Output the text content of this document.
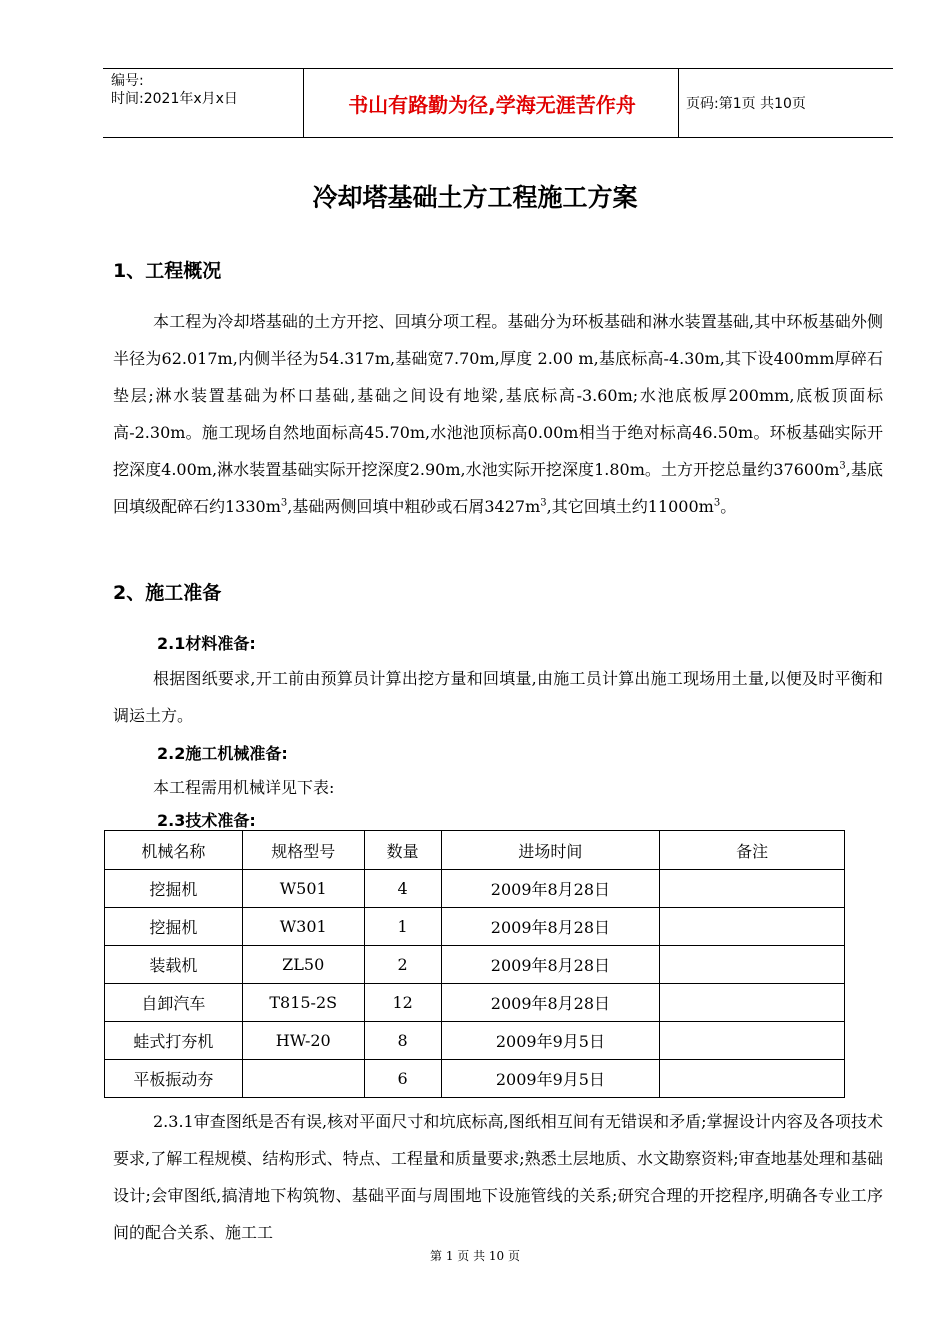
编号:
时间:2021年x月x日	书山有路勤为径,学海无涯苦作舟	页码:第1页 共10页
冷却塔基础土方工程施工方案
1、工程概况
本工程为冷却塔基础的土方开挖、回填分项工程。基础分为环板基础和淋水装置基础,其中环板基础外侧半径为62.017m,内侧半径为54.317m,基础宽7.70m,厚度 2.00 m,基底标高-4.30m,其下设400mm厚碎石垫层;淋水装置基础为杯口基础,基础之间设有地梁,基底标高-3.60m;水池底板厚200mm,底板顶面标高-2.30m。施工现场自然地面标高45.70m,水池池顶标高0.00m相当于绝对标高46.50m。环板基础实际开挖深度4.00m,淋水装置基础实际开挖深度2.90m,水池实际开挖深度1.80m。土方开挖总量约$37600m^3$,基底回填级配碎石约$1330m^3$,基础两侧回填中粗砂或石屑$3427m^3$,其它回填土约$11000m^3$。
2、施工准备
2.1材料准备:
根据图纸要求,开工前由预算员计算出挖方量和回填量,由施工员计算出施工现场用土量,以便及时平衡和调运土方。
2.2施工机械准备:
本工程需用机械详见下表:
2.3技术准备:
机械名称	规格型号	数量	进场时间	备注
挖掘机	W501	4	2009年8月28日	
挖掘机	W301	1	2009年8月28日	
装载机	ZL50	2	2009年8月28日	
自卸汽车	T815-2S	12	2009年8月28日	
蛙式打夯机	HW-20	8	2009年9月5日	
平板振动夯		6	2009年9月5日	
2.3.1审查图纸是否有误,核对平面尺寸和坑底标高,图纸相互间有无错误和矛盾;掌握设计内容及各项技术要求,了解工程规模、结构形式、特点、工程量和质量要求;熟悉土层地质、水文勘察资料;审查地基处理和基础设计;会审图纸,搞清地下构筑物、基础平面与周围地下设施管线的关系;研究合理的开挖程序,明确各专业工序间的配合关系、施工工
第 1 页 共 10 页
